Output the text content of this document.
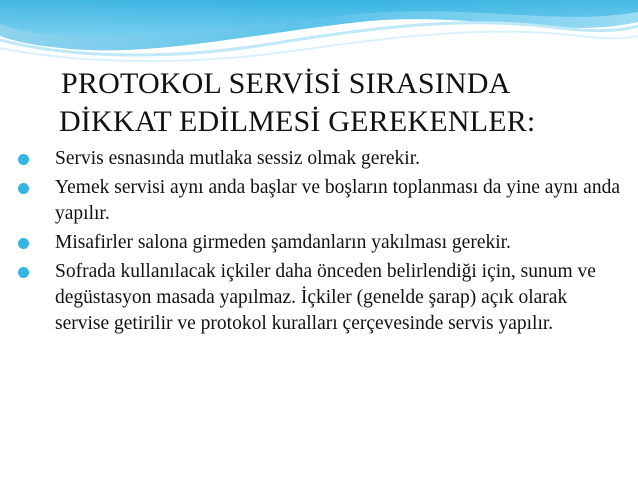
PROTOKOL SERVİSİ SIRASINDA
DİKKAT EDİLMESİ GEREKENLER:
Servis esnasında mutlaka sessiz olmak gerekir.
Yemek servisi aynı anda başlar ve boşların toplanması da yine aynı anda yapılır.
Misafirler salona girmeden şamdanların yakılması gerekir.
Sofrada kullanılacak içkiler daha önceden belirlendiği için, sunum ve degüstasyon masada yapılmaz. İçkiler (genelde şarap) açık olarak servise getirilir ve protokol kuralları çerçevesinde servis yapılır.
